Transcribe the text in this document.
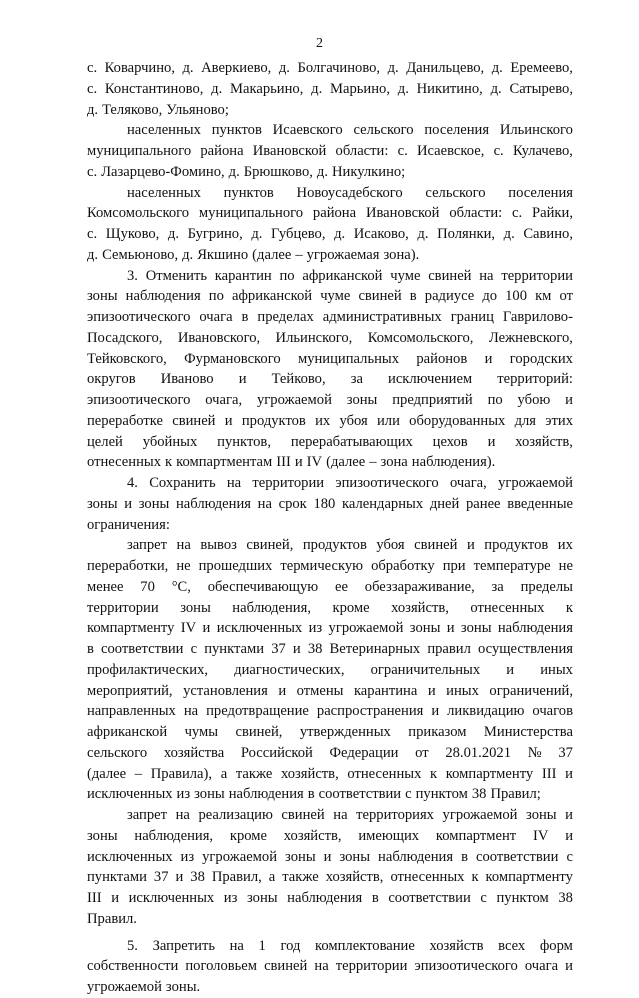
2
с. Коварчино, д. Аверкиево, д. Болгачиново, д. Данильцево, д. Еремеево,
с. Константиново, д. Макарьино, д. Марьино, д. Никитино, д. Сатырево,
д. Теляково, Ульяново;
населенных пунктов Исаевского сельского поселения Ильинского
муниципального района Ивановской области: с. Исаевское, с. Кулачево,
с. Лазарцево-Фомино, д. Брюшково, д. Никулкино;
населенных пунктов Новоусадебского сельского поселения
Комсомольского муниципального района Ивановской области: с. Райки,
с. Щуково, д. Бугрино, д. Губцево, д. Исаково, д. Полянки, д. Савино,
д. Семьюново, д. Якшино (далее – угрожаемая зона).
3. Отменить карантин по африканской чуме свиней на территории
зоны наблюдения по африканской чуме свиней в радиусе до 100 км от
эпизоотического очага в пределах административных границ Гаврилово-
Посадского, Ивановского, Ильинского, Комсомольского, Лежневского,
Тейковского, Фурмановского муниципальных районов и городских
округов Иваново и Тейково, за исключением территорий:
эпизоотического очага, угрожаемой зоны предприятий по убою и
переработке свиней и продуктов их убоя или оборудованных для этих
целей убойных пунктов, перерабатывающих цехов и хозяйств,
отнесенных к компартментам III и IV (далее – зона наблюдения).
4. Сохранить на территории эпизоотического очага, угрожаемой
зоны и зоны наблюдения на срок 180 календарных дней ранее введенные
ограничения:
запрет на вывоз свиней, продуктов убоя свиней и продуктов их
переработки, не прошедших термическую обработку при температуре не
менее 70 °С, обеспечивающую ее обеззараживание, за пределы
территории зоны наблюдения, кроме хозяйств, отнесенных к
компартменту IV и исключенных из угрожаемой зоны и зоны наблюдения
в соответствии с пунктами 37 и 38 Ветеринарных правил осуществления
профилактических, диагностических, ограничительных и иных
мероприятий, установления и отмены карантина и иных ограничений,
направленных на предотвращение распространения и ликвидацию очагов
африканской чумы свиней, утвержденных приказом Министерства
сельского хозяйства Российской Федерации от 28.01.2021 № 37
(далее – Правила), а также хозяйств, отнесенных к компартменту III и
исключенных из зоны наблюдения в соответствии с пунктом 38 Правил;
запрет на реализацию свиней на территориях угрожаемой зоны и
зоны наблюдения, кроме хозяйств, имеющих компартмент IV и
исключенных из угрожаемой зоны и зоны наблюдения в соответствии с
пунктами 37 и 38 Правил, а также хозяйств, отнесенных к компартменту
III и исключенных из зоны наблюдения в соответствии с пунктом 38
Правил.
5. Запретить на 1 год комплектование хозяйств всех форм
собственности поголовьем свиней на территории эпизоотического очага и
угрожаемой зоны.
